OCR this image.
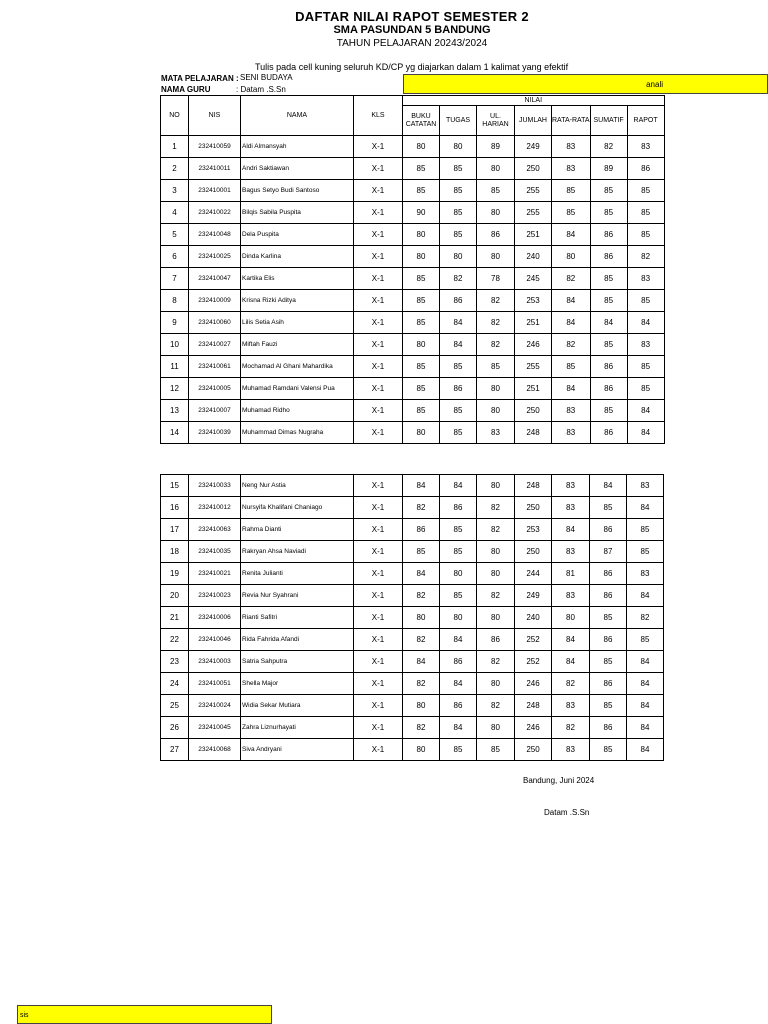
DAFTAR NILAI RAPOT SEMESTER 2
SMA PASUNDAN 5 BANDUNG
TAHUN PELAJARAN 20243/2024
Tulis pada cell kuning seluruh KD/CP yg diajarkan dalam 1 kalimat yang efektif
MATA PELAJARAN : SENI BUDAYA
NAMA GURU	: Datam .S.Sn
anali
NO	NIS	NAMA	KLS	NILAI						
				BUKU CATATAN	TUGAS	UL. HARIAN	JUMLAH	RATA-RATA	SUMATIF	RAPOT
1	232410059	Aldi Almansyah	X-1	80	80	89	249	83	82	83
2	232410011	Andri Saktiawan	X-1	85	85	80	250	83	89	86
3	232410001	Bagus Setyo Budi Santoso	X-1	85	85	85	255	85	85	85
4	232410022	Bilqis Sabila Puspita	X-1	90	85	80	255	85	85	85
5	232410048	Dela Puspita	X-1	80	85	86	251	84	86	85
6	232410025	Dinda Karlina	X-1	80	80	80	240	80	86	82
7	232410047	Kartika Elis	X-1	85	82	78	245	82	85	83
8	232410009	Krisna Rizki Aditya	X-1	85	86	82	253	84	85	85
9	232410060	Lilis Setia Asih	X-1	85	84	82	251	84	84	84
10	232410027	Miftah Fauzi	X-1	80	84	82	246	82	85	83
11	232410061	Mochamad Al Ghani Mahardika	X-1	85	85	85	255	85	86	85
12	232410005	Muhamad Ramdani Valensi Pua	X-1	85	86	80	251	84	86	85
13	232410007	Muhamad Ridho	X-1	85	85	80	250	83	85	84
14	232410039	Muhammad Dimas Nugraha	X-1	80	85	83	248	83	86	84
15	232410033	Neng Nur Astia	X-1	84	84	80	248	83	84	83
16	232410012	Nursyifa Khalifani Chaniago	X-1	82	86	82	250	83	85	84
17	232410063	Rahma Dianti	X-1	86	85	82	253	84	86	85
18	232410035	Rakryan Ahsa Naviadi	X-1	85	85	80	250	83	87	85
19	232410021	Renita Julianti	X-1	84	80	80	244	81	86	83
20	232410023	Revia Nur Syahrani	X-1	82	85	82	249	83	86	84
21	232410006	Rianti Safitri	X-1	80	80	80	240	80	85	82
22	232410046	Rida Fahrida Afandi	X-1	82	84	86	252	84	86	85
23	232410003	Satria Sahputra	X-1	84	86	82	252	84	85	84
24	232410051	Shella Major	X-1	82	84	80	246	82	86	84
25	232410024	Widia Sekar Mutiara	X-1	80	86	82	248	83	85	84
26	232410045	Zahra Liznurhayati	X-1	82	84	80	246	82	86	84
27	232410068	Siva Andryani	X-1	80	85	85	250	83	85	84
Bandung, Juni 2024
Datam .S.Sn
sis
